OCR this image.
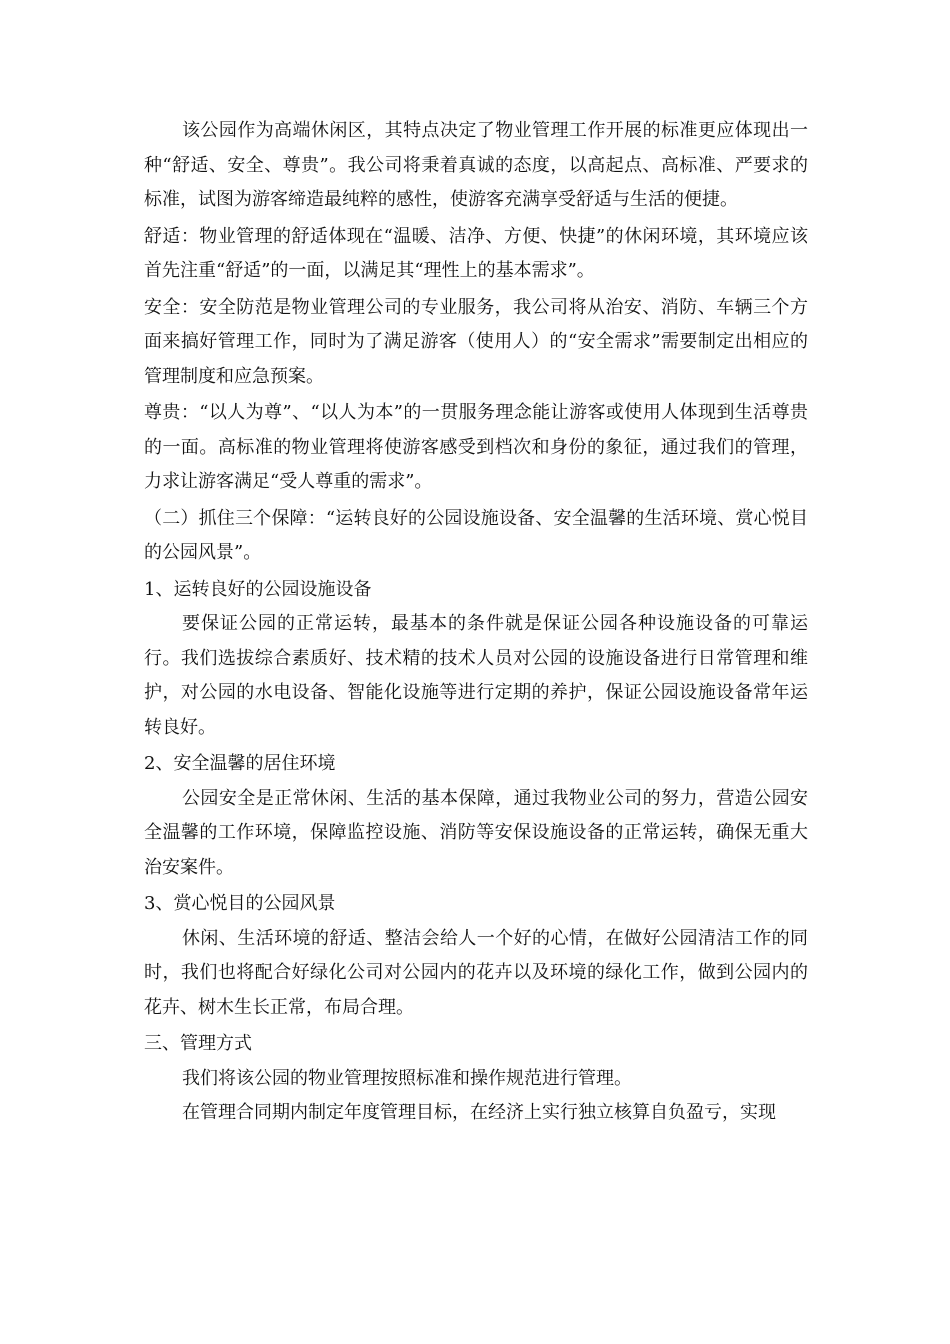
该公园作为高端休闲区，其特点决定了物业管理工作开展的标准更应体现出一种“舒适、安全、尊贵”。我公司将秉着真诚的态度，以高起点、高标准、严要求的标准，试图为游客缔造最纯粹的感性，使游客充满享受舒适与生活的便捷。

舒适：物业管理的舒适体现在“温暖、洁净、方便、快捷”的休闲环境，其环境应该首先注重“舒适”的一面，以满足其“理性上的基本需求”。

安全：安全防范是物业管理公司的专业服务，我公司将从治安、消防、车辆三个方面来搞好管理工作，同时为了满足游客（使用人）的“安全需求”需要制定出相应的管理制度和应急预案。

尊贵：“以人为尊”、“以人为本”的一贯服务理念能让游客或使用人体现到生活尊贵的一面。高标准的物业管理将使游客感受到档次和身份的象征，通过我们的管理，力求让游客满足“受人尊重的需求”。

（二）抓住三个保障：“运转良好的公园设施设备、安全温馨的生活环境、赏心悦目的公园风景”。

1、运转良好的公园设施设备

要保证公园的正常运转，最基本的条件就是保证公园各种设施设备的可靠运行。我们选拔综合素质好、技术精的技术人员对公园的设施设备进行日常管理和维护，对公园的水电设备、智能化设施等进行定期的养护，保证公园设施设备常年运转良好。

2、安全温馨的居住环境

公园安全是正常休闲、生活的基本保障，通过我物业公司的努力，营造公园安全温馨的工作环境，保障监控设施、消防等安保设施设备的正常运转，确保无重大治安案件。

3、赏心悦目的公园风景

休闲、生活环境的舒适、整洁会给人一个好的心情，在做好公园清洁工作的同时，我们也将配合好绿化公司对公园内的花卉以及环境的绿化工作，做到公园内的花卉、树木生长正常，布局合理。

三、管理方式

我们将该公园的物业管理按照标准和操作规范进行管理。

在管理合同期内制定年度管理目标，在经济上实行独立核算自负盈亏，实现
